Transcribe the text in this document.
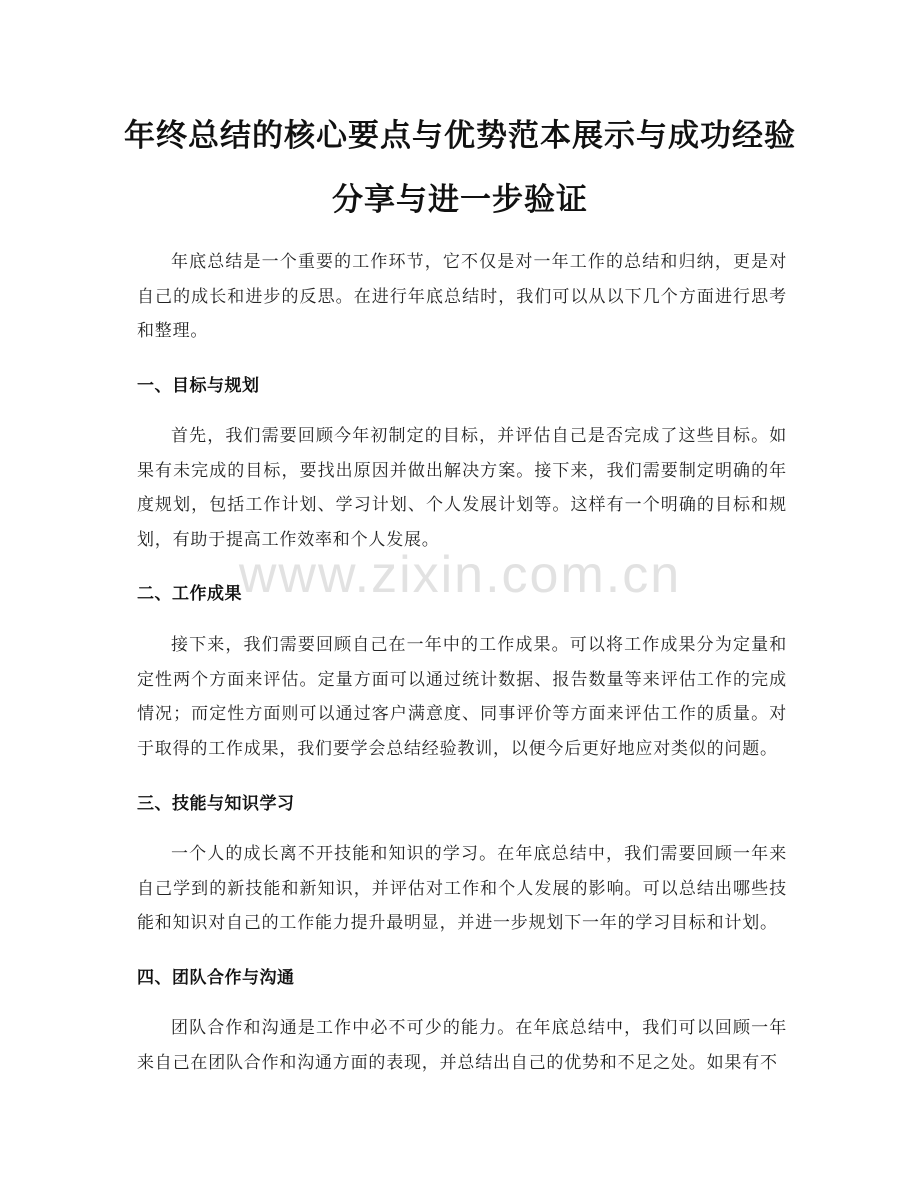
年终总结的核心要点与优势范本展示与成功经验分享与进一步验证

年底总结是一个重要的工作环节，它不仅是对一年工作的总结和归纳，更是对自己的成长和进步的反思。在进行年底总结时，我们可以从以下几个方面进行思考和整理。

一、目标与规划

首先，我们需要回顾今年初制定的目标，并评估自己是否完成了这些目标。如果有未完成的目标，要找出原因并做出解决方案。接下来，我们需要制定明确的年度规划，包括工作计划、学习计划、个人发展计划等。这样有一个明确的目标和规划，有助于提高工作效率和个人发展。

二、工作成果

接下来，我们需要回顾自己在一年中的工作成果。可以将工作成果分为定量和定性两个方面来评估。定量方面可以通过统计数据、报告数量等来评估工作的完成情况；而定性方面则可以通过客户满意度、同事评价等方面来评估工作的质量。对于取得的工作成果，我们要学会总结经验教训，以便今后更好地应对类似的问题。

三、技能与知识学习

一个人的成长离不开技能和知识的学习。在年底总结中，我们需要回顾一年来自己学到的新技能和新知识，并评估对工作和个人发展的影响。可以总结出哪些技能和知识对自己的工作能力提升最明显，并进一步规划下一年的学习目标和计划。

四、团队合作与沟通

团队合作和沟通是工作中必不可少的能力。在年底总结中，我们可以回顾一年来自己在团队合作和沟通方面的表现，并总结出自己的优势和不足之处。如果有不

www.zixin.com.cn
